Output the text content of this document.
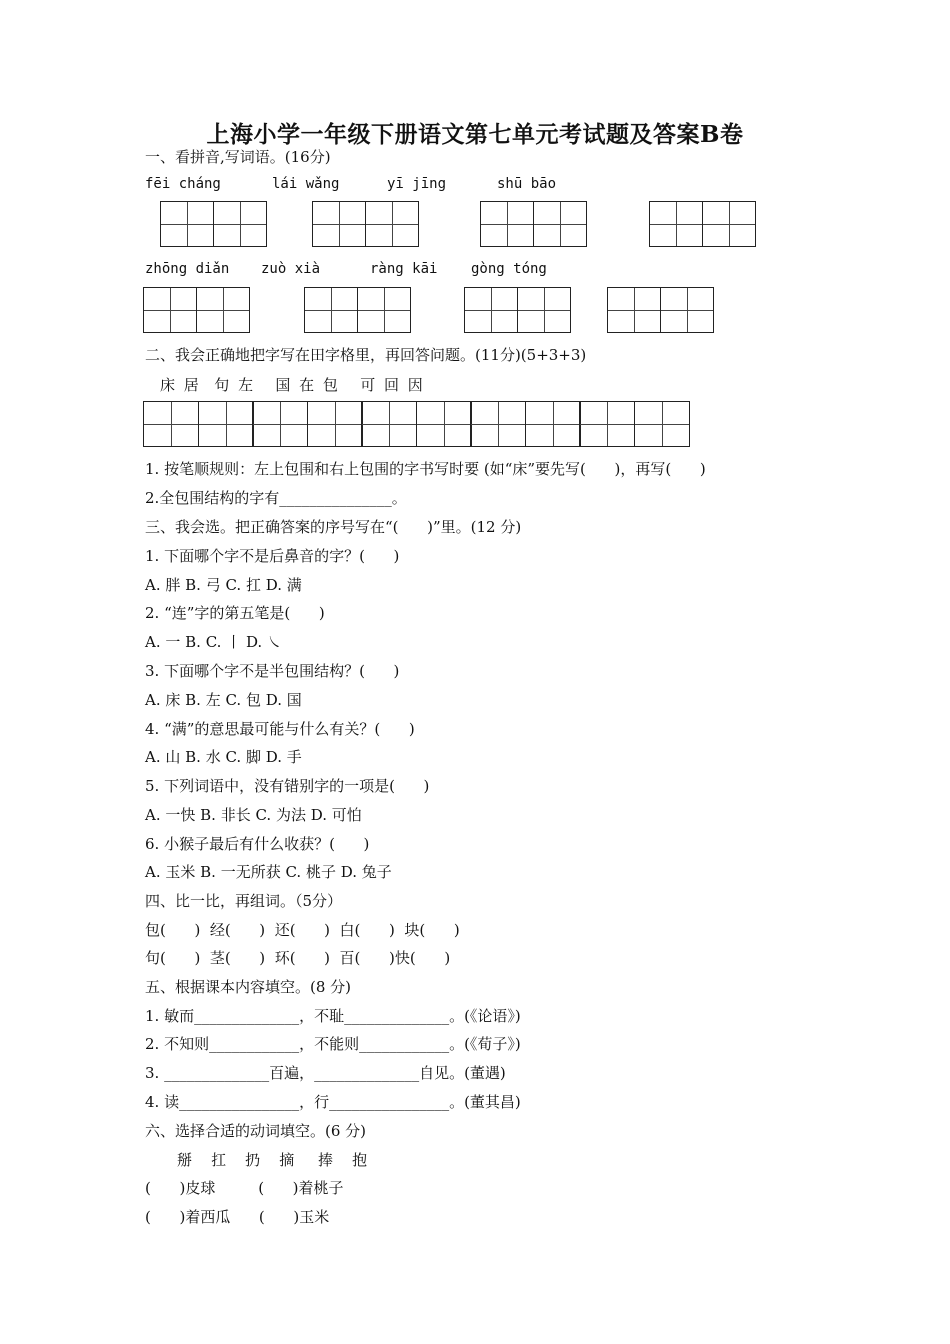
上海小学一年级下册语文第七单元考试题及答案B卷
一、看拼音,写词语。(16分)
fēi cháng	lái wǎng	yī jīng	shū bāo
zhōng diǎn zuò xià	ràng kāi gòng tóng
二、我会正确地把字写在田字格里，再回答问题。(11分)(5+3+3)
床 居  句 左   国 在 包   可 回 因
1. 按笔顺规则：左上包围和右上包围的字书写时要 (如“床”要先写(      )，再写(      )
2.全包围结构的字有_______________。
三、我会选。把正确答案的序号写在“(      )”里。(12 分)
1. 下面哪个字不是后鼻音的字？(      )
A. 胖 B. 弓 C. 扛 D. 满
2. “连”字的第五笔是(      )
A. 一 B. C. 丨 D. ㇏
3. 下面哪个字不是半包围结构？(      )
A. 床 B. 左 C. 包 D. 国
4. “满”的意思最可能与什么有关？(      )
A. 山 B. 水 C. 脚 D. 手
5. 下列词语中，没有错别字的一项是(      )
A. 一快 B. 非长 C. 为法 D. 可怕
6. 小猴子最后有什么收获？(      )
A. 玉米 B. 一无所获 C. 桃子 D. 兔子
四、比一比，再组词。（5分）
包(      )  经(      )  还(      )  白(      )  块(      )
句(      )  茎(      )  环(      )  百(      )快(      )
五、根据课本内容填空。(8 分)
1. 敏而______________，不耻______________。(《论语》)
2. 不知则____________，不能则____________。(《荀子》)
3. ______________百遍，______________自见。(董遇)
4. 读________________，行________________。(董其昌)
六、选择合适的动词填空。(6 分)
掰    扛    扔    摘     捧    抱
(      )皮球         (      )着桃子
(      )着西瓜      (      )玉米
